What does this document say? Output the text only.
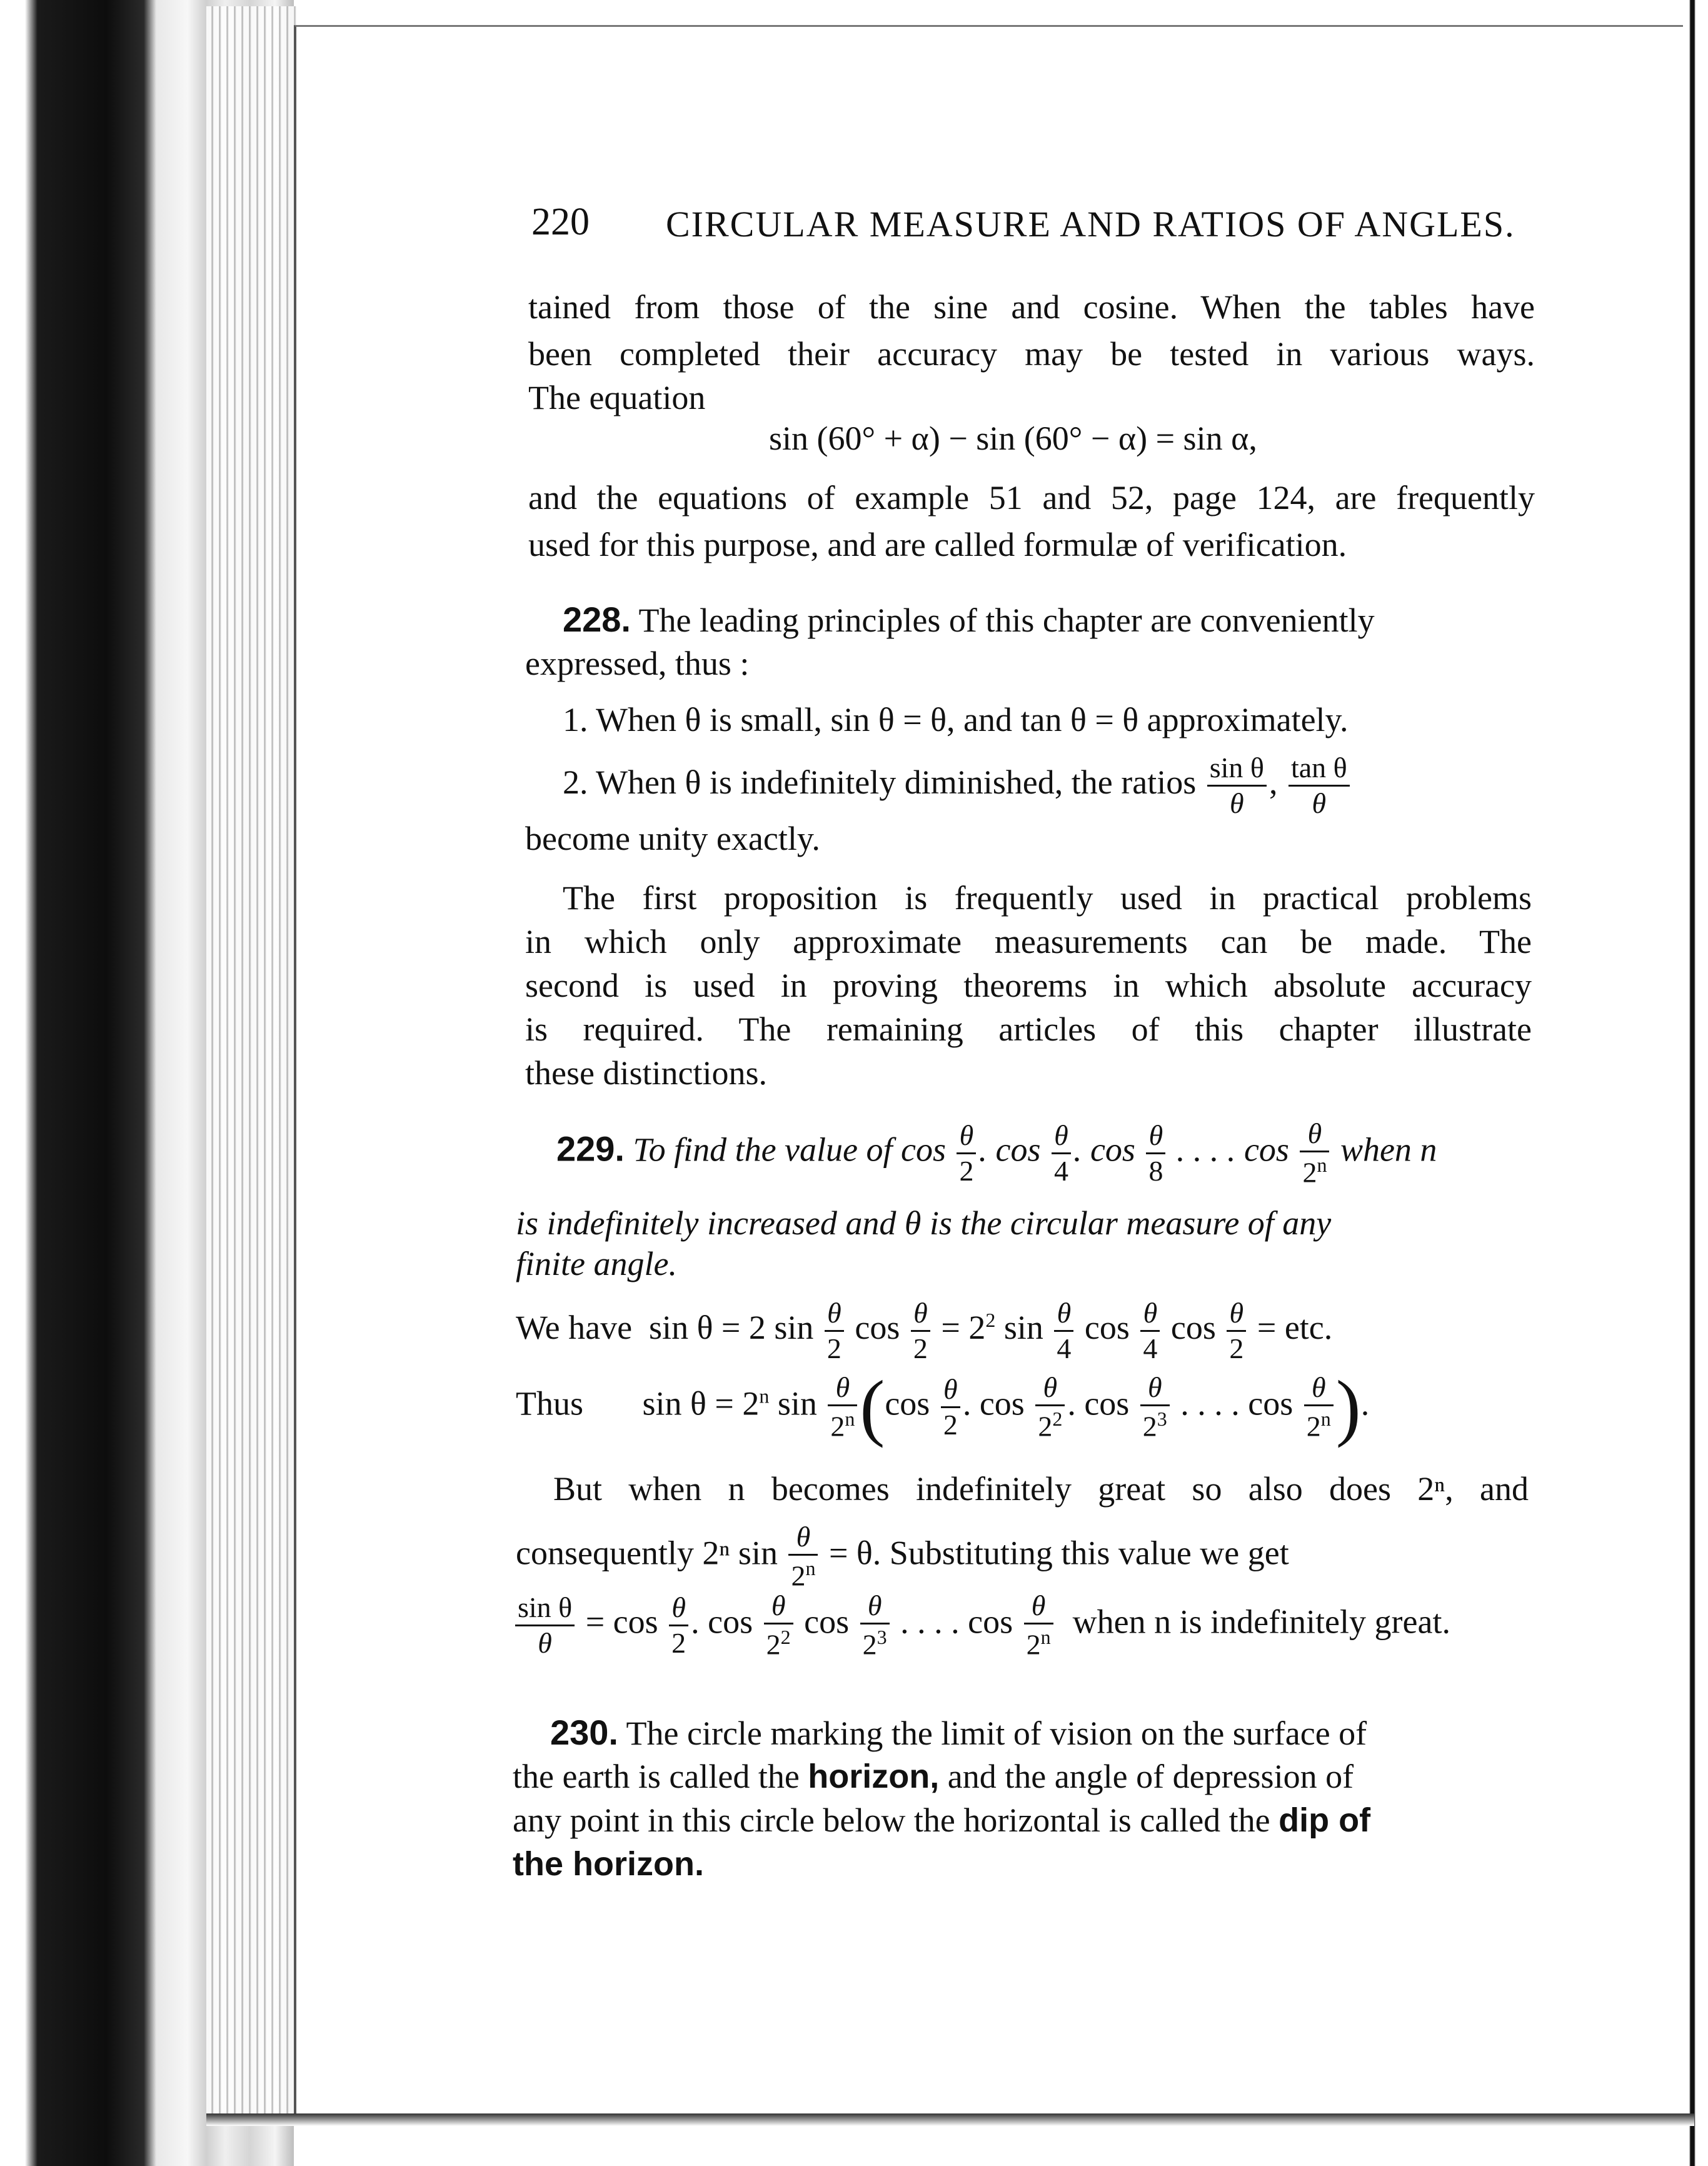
220 CIRCULAR MEASURE AND RATIOS OF ANGLES.
tained from those of the sine and cosine. When the tables have
been completed their accuracy may be tested in various ways.
The equation
sin (60° + α) − sin (60° − α) = sin α,
and the equations of example 51 and 52, page 124, are frequently
used for this purpose, and are called formulæ of verification.
228. The leading principles of this chapter are conveniently
expressed, thus :
1. When θ is small, sin θ = θ, and tan θ = θ approximately.
2. When θ is indefinitely diminished, the ratios $\frac{\text{sin θ}}{\theta}$ , $\frac{\text{tan θ}}{\theta}$
become unity exactly.
The first proposition is frequently used in practical problems
in which only approximate measurements can be made. The
second is used in proving theorems in which absolute accuracy
is required. The remaining articles of this chapter illustrate
these distinctions.
229. To find the value of $\cos \frac{\theta}{2}$ . $\cos \frac{\theta}{4}$ . $\cos \frac{\theta}{8}$ . . . . $\cos \frac{\theta}{2^n}$ when n
is indefinitely increased and θ is the circular measure of any
finite angle.
We have  sin θ = 2 $\sin \frac{\theta}{2}$ $\cos \frac{\theta}{2} = 2^2$ $\sin \frac{\theta}{4}$ $\cos \frac{\theta}{4}$ $\cos \frac{\theta}{2}$ = etc.
Thus       $\sin \theta = 2^n$ $\sin \frac{\theta}{2^n} (\cos \frac{\theta}{2}$ . $\cos \frac{\theta}{2^2}$ . $\cos \frac{\theta}{2^3}$ . . . . $\cos \frac{\theta}{2^n}$ ).
But when n becomes indefinitely great so also does 2ⁿ, and
consequently 2ⁿ $\sin \frac{\theta}{2^n} = \theta$. Substituting this value we get
$\frac{\text{sin θ}}{\theta} = \cos \frac{\theta}{2}$ . $\cos \frac{\theta}{2^2}$ $\cos \frac{\theta}{2^3}$ . . . . $\cos \frac{\theta}{2^n}$ when n is indefinitely great.
230. The circle marking the limit of vision on the surface of
the earth is called the horizon, and the angle of depression of
any point in this circle below the horizontal is called the dip of
the horizon.
